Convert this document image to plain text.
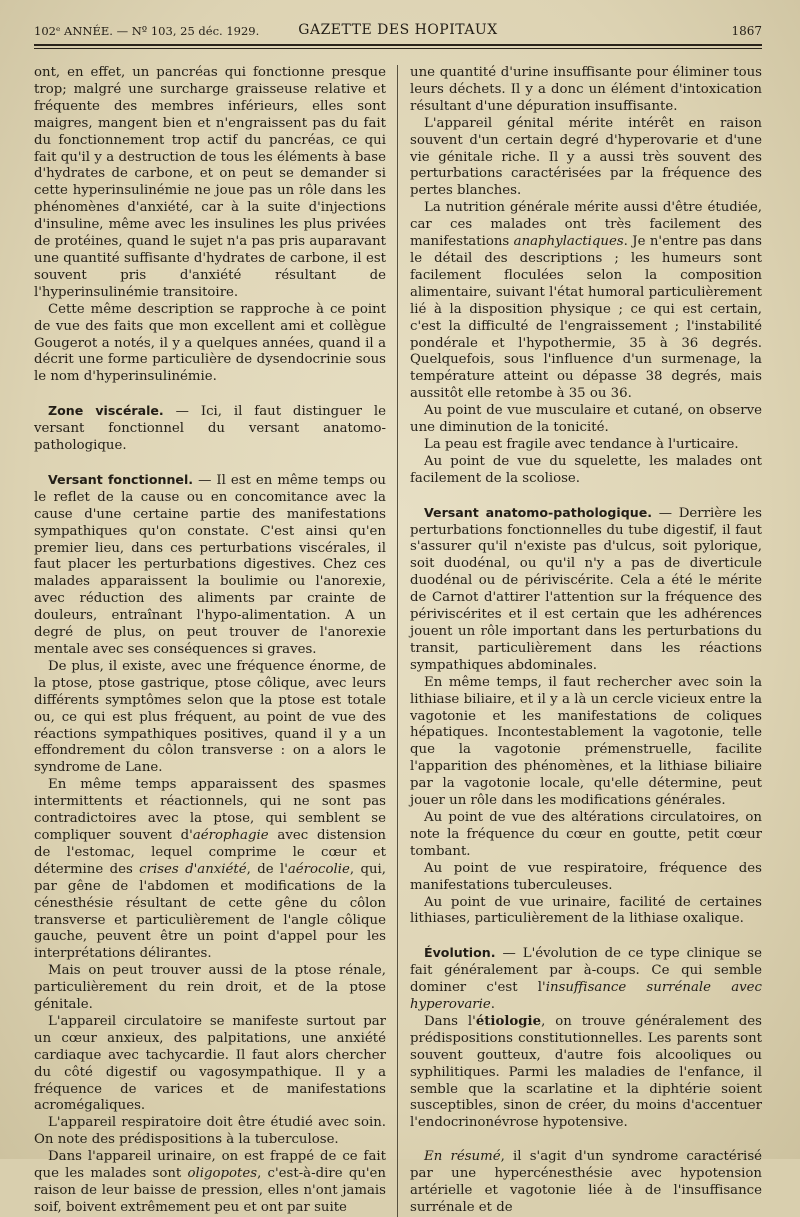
102ᵉ ANNÉE. — Nº 103, 25 déc. 1929.	GAZETTE DES HOPITAUX	1867

ont, en effet, un pancréas qui fonctionne presque trop; malgré une surcharge graisseuse relative et fréquente des membres inférieurs, elles sont maigres, mangent bien et n'engraissent pas du fait du fonctionnement trop actif du pancréas, ce qui fait qu'il y a destruction de tous les éléments à base d'hydrates de carbone, et on peut se demander si cette hyperinsulinémie ne joue pas un rôle dans les phénomènes d'anxiété, car à la suite d'injections d'insuline, même avec les insulines les plus privées de protéines, quand le sujet n'a pas pris auparavant une quantité suffisante d'hydrates de carbone, il est souvent pris d'anxiété résultant de l'hyperinsulinémie transitoire.

Cette même description se rapproche à ce point de vue des faits que mon excellent ami et collègue Gougerot a notés, il y a quelques années, quand il a décrit une forme particulière de dysendocrinie sous le nom d'hyperinsulinémie.

Zone viscérale. — Ici, il faut distinguer le versant fonctionnel du versant anatomo-pathologique.

Versant fonctionnel. — Il est en même temps ou le reflet de la cause ou en concomitance avec la cause d'une certaine partie des manifestations sympathiques qu'on constate. C'est ainsi qu'en premier lieu, dans ces perturbations viscérales, il faut placer les perturbations digestives. Chez ces malades apparaissent la boulimie ou l'anorexie, avec réduction des aliments par crainte de douleurs, entraînant l'hypo-alimentation. A un degré de plus, on peut trouver de l'anorexie mentale avec ses conséquences si graves.

De plus, il existe, avec une fréquence énorme, de la ptose, ptose gastrique, ptose côlique, avec leurs différents symptômes selon que la ptose est totale ou, ce qui est plus fréquent, au point de vue des réactions sympathiques positives, quand il y a un effondrement du côlon transverse : on a alors le syndrome de Lane.

En même temps apparaissent des spasmes intermittents et réactionnels, qui ne sont pas contradictoires avec la ptose, qui semblent se compliquer souvent d'aérophagie avec distension de l'estomac, lequel comprime le cœur et détermine des crises d'anxiété, de l'aérocolie, qui, par gêne de l'abdomen et modifications de la cénesthésie résultant de cette gêne du côlon transverse et particulièrement de l'angle côlique gauche, peuvent être un point d'appel pour les interprétations délirantes.

Mais on peut trouver aussi de la ptose rénale, particulièrement du rein droit, et de la ptose génitale.

L'appareil circulatoire se manifeste surtout par un cœur anxieux, des palpitations, une anxiété cardiaque avec tachycardie. Il faut alors chercher du côté digestif ou vagosympathique. Il y a fréquence de varices et de manifestations acromégaliques.

L'appareil respiratoire doit être étudié avec soin. On note des prédispositions à la tuberculose.

Dans l'appareil urinaire, on est frappé de ce fait que les malades sont oligopotes, c'est-à-dire qu'en raison de leur baisse de pression, elles n'ont jamais soif, boivent extrêmement peu et ont par suite

une quantité d'urine insuffisante pour éliminer tous leurs déchets. Il y a donc un élément d'intoxication résultant d'une dépuration insuffisante.

L'appareil génital mérite intérêt en raison souvent d'un certain degré d'hyperovarie et d'une vie génitale riche. Il y a aussi très souvent des perturbations caractérisées par la fréquence des pertes blanches.

La nutrition générale mérite aussi d'être étudiée, car ces malades ont très facilement des manifestations anaphylactiques. Je n'entre pas dans le détail des descriptions ; les humeurs sont facilement floculées selon la composition alimentaire, suivant l'état humoral particulièrement lié à la disposition physique ; ce qui est certain, c'est la difficulté de l'engraissement ; l'instabilité pondérale et l'hypothermie, 35 à 36 degrés. Quelquefois, sous l'influence d'un surmenage, la température atteint ou dépasse 38 degrés, mais aussitôt elle retombe à 35 ou 36.

Au point de vue musculaire et cutané, on observe une diminution de la tonicité.

La peau est fragile avec tendance à l'urticaire.

Au point de vue du squelette, les malades ont facilement de la scoliose.

Versant anatomo-pathologique. — Derrière les perturbations fonctionnelles du tube digestif, il faut s'assurer qu'il n'existe pas d'ulcus, soit pylorique, soit duodénal, ou qu'il n'y a pas de diverticule duodénal ou de périviscérite. Cela a été le mérite de Carnot d'attirer l'attention sur la fréquence des périviscérites et il est certain que les adhérences jouent un rôle important dans les perturbations du transit, particulièrement dans les réactions sympathiques abdominales.

En même temps, il faut rechercher avec soin la lithiase biliaire, et il y a là un cercle vicieux entre la vagotonie et les manifestations de coliques hépatiques. Incontestablement la vagotonie, telle que la vagotonie prémenstruelle, facilite l'apparition des phénomènes, et la lithiase biliaire par la vagotonie locale, qu'elle détermine, peut jouer un rôle dans les modifications générales.

Au point de vue des altérations circulatoires, on note la fréquence du cœur en goutte, petit cœur tombant.

Au point de vue respiratoire, fréquence des manifestations tuberculeuses.

Au point de vue urinaire, facilité de certaines lithiases, particulièrement de la lithiase oxalique.

Évolution. — L'évolution de ce type clinique se fait généralement par à-coups. Ce qui semble dominer c'est l'insuffisance surrénale avec hyperovarie.

Dans l'étiologie, on trouve généralement des prédispositions constitutionnelles. Les parents sont souvent goutteux, d'autre fois alcooliques ou syphilitiques. Parmi les maladies de l'enfance, il semble que la scarlatine et la diphtérie soient susceptibles, sinon de créer, du moins d'accentuer l'endocrinonévrose hypotensive.

En résumé, il s'agit d'un syndrome caractérisé par une hypercénesthésie avec hypotension artérielle et vagotonie liée à de l'insuffisance surrénale et de
